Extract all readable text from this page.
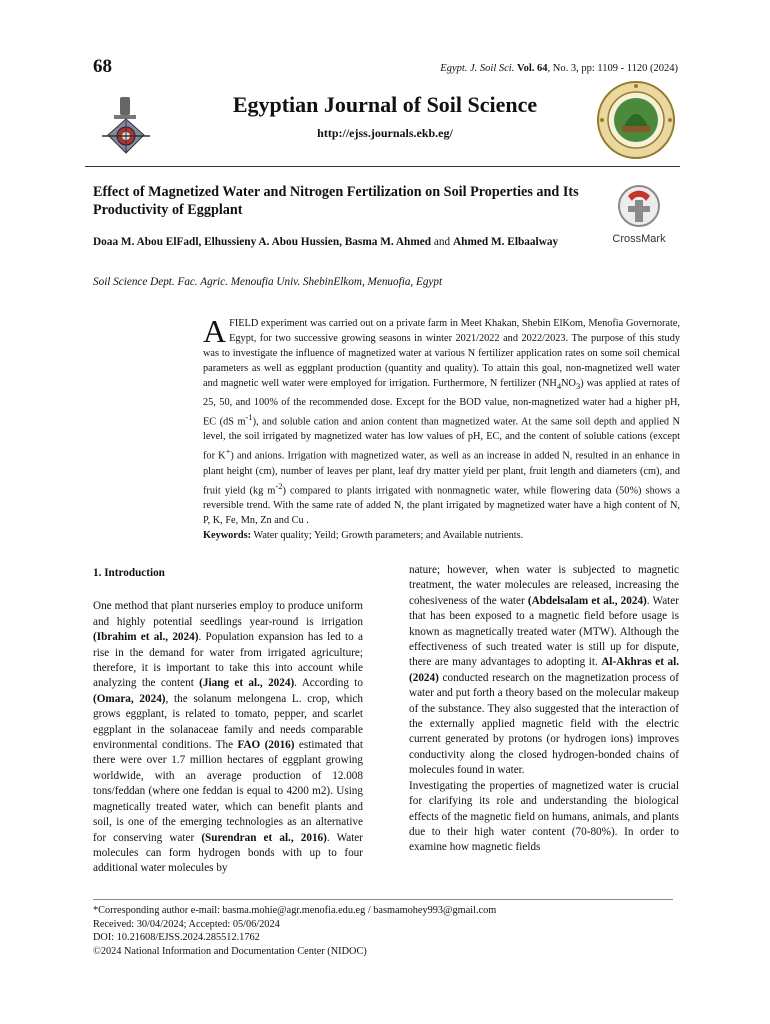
68	Egypt. J. Soil Sci. Vol. 64, No. 3, pp: 1109 - 1120 (2024)
Egyptian Journal of Soil Science
http://ejss.journals.ekb.eg/
Effect of Magnetized Water and Nitrogen Fertilization on Soil Properties and Its Productivity of Eggplant
CrossMark
Doaa M. Abou ElFadl, Elhussieny A. Abou Hussien, Basma M. Ahmed and Ahmed M. Elbaalway
Soil Science Dept. Fac. Agric. Menoufia Univ. ShebinElkom, Menuofia, Egypt
AFIELD experiment was carried out on a private farm in Meet Khakan, Shebin ElKom, Menofia Governorate, Egypt, for two successive growing seasons in winter 2021/2022 and 2022/2023. The purpose of this study was to investigate the influence of magnetized water at various N fertilizer application rates on some soil chemical parameters as well as eggplant production (quantity and quality). To attain this goal, non-magnetized well water and magnetic well water were employed for irrigation. Furthermore, N fertilizer $(NH_4NO_3)$ was applied at rates of 25, 50, and 100% of the recommended dose. Except for the BOD value, non-magnetized water had a higher pH, EC (dS $m^{-1}$), and soluble cation and anion content than magnetized water. At the same soil depth and applied N level, the soil irrigated by magnetized water has low values of pH, EC, and the content of soluble cations (except for K+) and anions. Irrigation with magnetized water, as well as an increase in added N, resulted in an enhance in plant height (cm), number of leaves per plant, leaf dry matter yield per plant, fruit length and diameters (cm), and fruit yield (kg $m^{-2}$) compared to plants irrigated with nonmagnetic water, while flowering data (50%) shows a reversible trend. With the same rate of added N, the plant irrigated by magnetized water have a high content of N, P, K, Fe, Mn, Zn and Cu .
Keywords: Water quality; Yeild; Growth parameters; and Available nutrients.
1. Introduction

One method that plant nurseries employ to produce uniform and highly potential seedlings year-round is irrigation (Ibrahim et al., 2024). Population expansion has led to a rise in the demand for water from irrigated agriculture; therefore, it is important to take this into account while analyzing the content (Jiang et al., 2024). According to (Omara, 2024), the solanum melongena L. crop, which grows eggplant, is related to tomato, pepper, and scarlet eggplant in the solanaceae family and needs comparable environmental conditions. The FAO (2016) estimated that there were over 1.7 million hectares of eggplant growing worldwide, with an average production of 12.008 tons/feddan (where one feddan is equal to 4200 m2). Using magnetically treated water, which can benefit plants and soil, is one of the emerging technologies as an alternative for conserving water (Surendran et al., 2016). Water molecules can form hydrogen bonds with up to four additional water molecules by

nature; however, when water is subjected to magnetic treatment, the water molecules are released, increasing the cohesiveness of the water (Abdelsalam et al., 2024). Water that has been exposed to a magnetic field before usage is known as magnetically treated water (MTW). Although the effectiveness of such treated water is still up for dispute, there are many advantages to adopting it. Al-Akhras et al. (2024) conducted research on the magnetization process of water and put forth a theory based on the molecular makeup of the substance. They also suggested that the interaction of the externally applied magnetic field with the electric current generated by protons (or hydrogen ions) improves conductivity along the closed hydrogen-bonded chains of molecules found in water.

Investigating the properties of magnetized water is crucial for clarifying its role and understanding the biological effects of the magnetic field on humans, animals, and plants due to their high water content (70-80%). In order to examine how magnetic fields

*Corresponding author e-mail: basma.mohie@agr.menofia.edu.eg / basmamohey993@gmail.com
Received: 30/04/2024; Accepted: 05/06/2024
DOI: 10.21608/EJSS.2024.285512.1762
©2024 National Information and Documentation Center (NIDOC)
